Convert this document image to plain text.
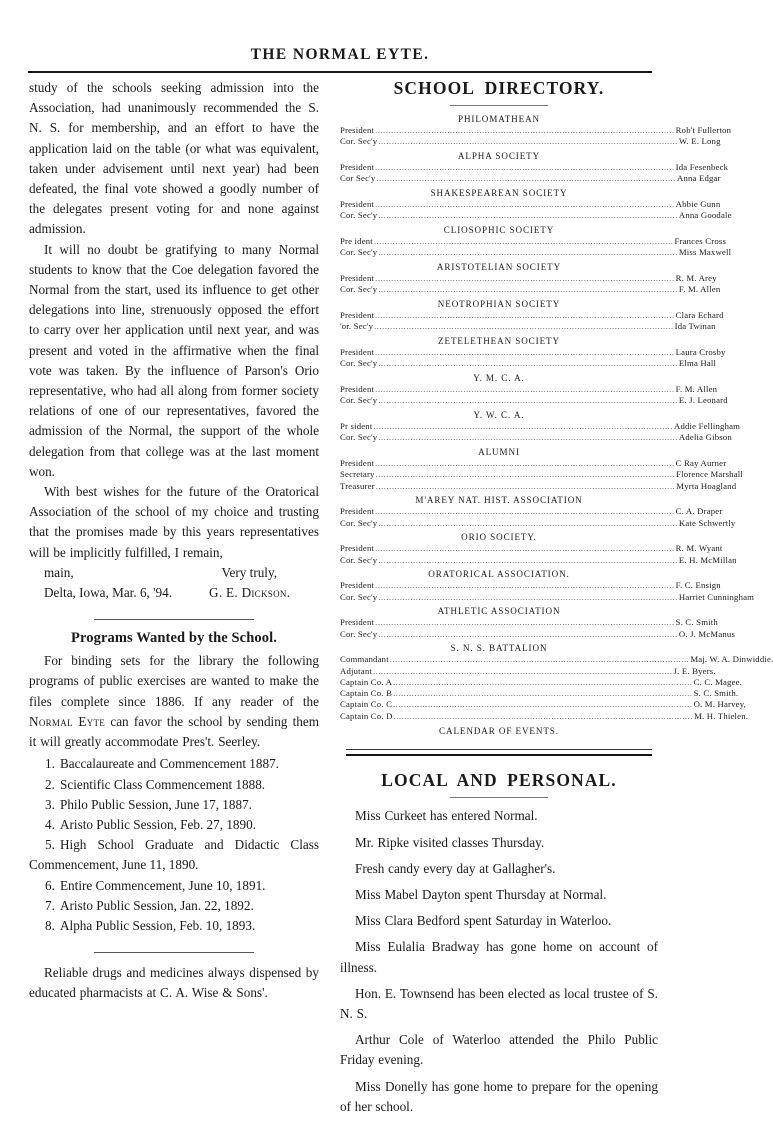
THE NORMAL EYTE.

study of the schools seeking admission into the Association, had unanimously recommended the S. N. S. for membership, and an effort to have the application laid on the table (or what was equivalent, taken under advisement until next year) had been defeated, the final vote showed a goodly number of the delegates present voting for and none against admission.

It will no doubt be gratifying to many Normal students to know that the Coe delegation favored the Normal from the start, used its influence to get other delegations into line, strenuously opposed the effort to carry over her application until next year, and was present and voted in the affirmative when the final vote was taken. By the influence of Parson's Orio representative, who had all along from former society relations of one of our representatives, favored the admission of the Normal, the support of the whole delegation from that college was at the last moment won.

With best wishes for the future of the Oratorical Association of the school of my choice and trusting that the promises made by this years representatives will be implicitly fulfilled, I remain,

main,	Very truly,
Delta, Iowa, Mar. 6, '94.	G. E. Dickson.
Programs Wanted by the School.

For binding sets for the library the following programs of public exercises are wanted to make the files complete since 1886. If any reader of the Normal Eyte can favor the school by sending them it will greatly accommodate Pres't. Seerley.

1. Baccalaureate and Commencement 1887.
2. Scientific Class Commencement 1888.
3. Philo Public Session, June 17, 1887.
4. Aristo Public Session, Feb. 27, 1890.
5. High School Graduate and Didactic Class Commencement, June 11, 1890.
6. Entire Commencement, June 10, 1891.
7. Aristo Public Session, Jan. 22, 1892.
8. Alpha Public Session, Feb. 10, 1893.

Reliable drugs and medicines always dispensed by educated pharmacists at C. A. Wise & Sons'.

SCHOOL DIRECTORY.
PHILOMATHEAN
President ................................................................................................................ Rob't Fullerton
Cor. Sec'y ................................................................................................................ W. E. Long
ALPHA SOCIETY
President ................................................................................................................ Ida Fesenbeck
Cor Sec'y ................................................................................................................ Anna Edgar
SHAKESPEAREAN SOCIETY
President ................................................................................................................ Abbie Gunn
Cor. Sec'y ................................................................................................................ Anna Goodale
CLIOSOPHIC SOCIETY
Pre ident ................................................................................................................ Frances Cross
Cor. Sec'y ................................................................................................................ Miss Maxwell
ARISTOTELIAN SOCIETY
President ................................................................................................................ R. M. Arey
Cor. Sec'y ................................................................................................................ F. M. Allen
NEOTROPHIAN SOCIETY
President ................................................................................................................ Clara Echard
'or. Sec'y ................................................................................................................ Ida Twinan
ZETELETHEAN SOCIETY
President ................................................................................................................ Laura Crosby
Cor. Sec'y ................................................................................................................ Elma Hall
Y. M. C. A.
President ................................................................................................................ F. M. Allen
Cor. Sec'y ................................................................................................................ E. J. Leonard
Y. W. C. A.
Pr sident ................................................................................................................ Addie Fellingham
Cor. Sec'y ................................................................................................................ Adelia Gibson
ALUMNI
President ................................................................................................................ C Ray Aurner
Secretary ................................................................................................................ Florence Marshall
Treasurer ................................................................................................................ Myrta Hoagland
M'AREY NAT. HIST. ASSOCIATION
President ................................................................................................................ C. A. Draper
Cor. Sec'y ................................................................................................................ Kate Schwertly
ORIO SOCIETY.
President ................................................................................................................ R. M. Wyant
Cor. Sec'y ................................................................................................................ E. H. McMillan
ORATORICAL ASSOCIATION.
President ................................................................................................................ F. C. Ensign
Cor. Sec'y ................................................................................................................ Harriet Cunningham
ATHLETIC ASSOCIATION
President ................................................................................................................ S. C. Smith
Cor. Sec'y ................................................................................................................ O. J. McManus
S. N. S. BATTALION
Commandant ................................................................................................................ Maj. W. A. Dinwiddie.
Adjutant ................................................................................................................ J. E. Byers.
Captain Co. A ................................................................................................................ C. C. Magee.
Captain Co. B ................................................................................................................ S. C. Smith.
Captain Co. C ................................................................................................................ O. M. Harvey,
Captain Co. D ................................................................................................................ M. H. Thielen.
CALENDAR OF EVENTS.
LOCAL AND PERSONAL.

Miss Curkeet has entered Normal.

Mr. Ripke visited classes Thursday.

Fresh candy every day at Gallagher's.

Miss Mabel Dayton spent Thursday at Normal.

Miss Clara Bedford spent Saturday in Waterloo.

Miss Eulalia Bradway has gone home on account of illness.

Hon. E. Townsend has been elected as local trustee of S. N. S.

Arthur Cole of Waterloo attended the Philo Public Friday evening.

Miss Donelly has gone home to prepare for the opening of her school.
